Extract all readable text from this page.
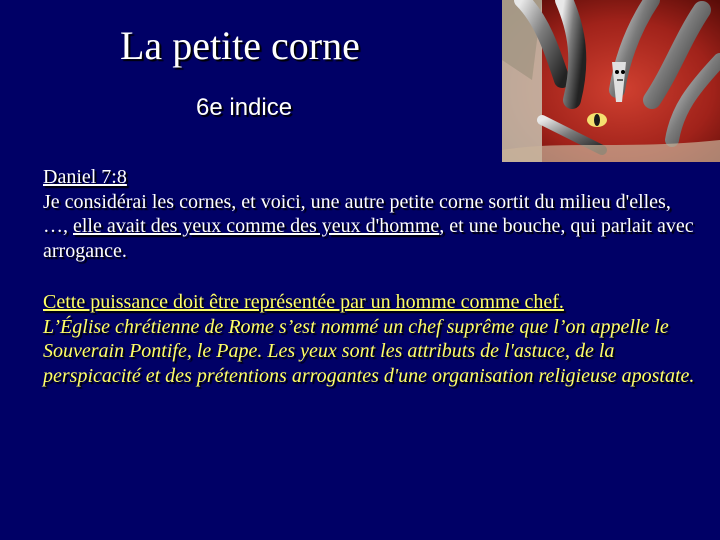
La petite corne
6e indice

Daniel 7:8

Je considérai les cornes, et voici, une autre petite corne sortit du milieu d'elles, …, elle avait des yeux comme des yeux d'homme, et une bouche, qui parlait avec arrogance.

Cette puissance doit être représentée par un homme comme chef.

L’Église chrétienne de Rome s’est nommé un chef suprême que l’on appelle le Souverain Pontife, le Pape. Les yeux sont les attributs de l'astuce, de la perspicacité et des prétentions arrogantes d'une organisation religieuse apostate.
